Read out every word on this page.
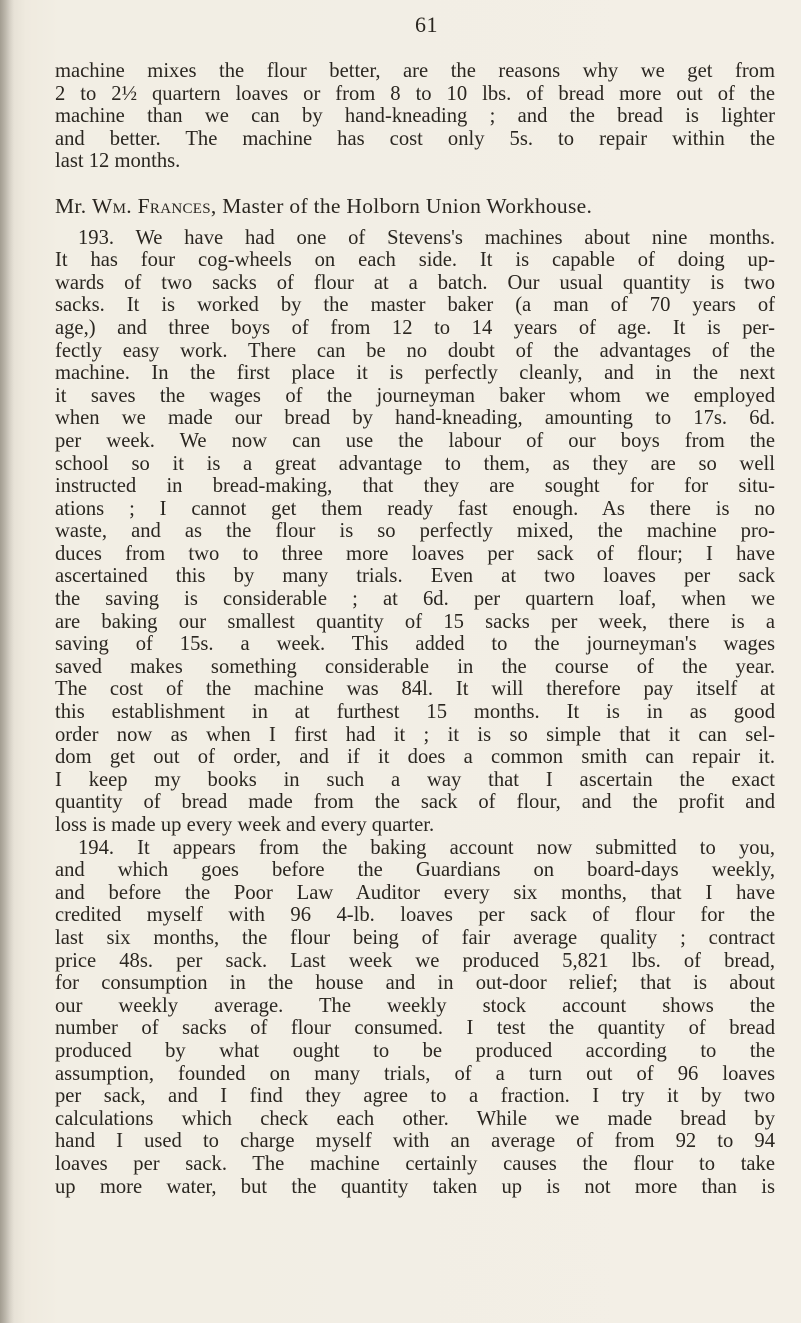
61
machine mixes the flour better, are the reasons why we get from
2 to 2½ quartern loaves or from 8 to 10 lbs. of bread more out of the
machine than we can by hand-kneading ; and the bread is lighter
and better. The machine has cost only 5s. to repair within the
last 12 months.
Mr. Wm. Frances, Master of the Holborn Union Workhouse.
193. We have had one of Stevens's machines about nine months.
It has four cog-wheels on each side. It is capable of doing up-
wards of two sacks of flour at a batch. Our usual quantity is two
sacks. It is worked by the master baker (a man of 70 years of
age,) and three boys of from 12 to 14 years of age. It is per-
fectly easy work. There can be no doubt of the advantages of the
machine. In the first place it is perfectly cleanly, and in the next
it saves the wages of the journeyman baker whom we employed
when we made our bread by hand-kneading, amounting to 17s. 6d.
per week. We now can use the labour of our boys from the
school so it is a great advantage to them, as they are so well
instructed in bread-making, that they are sought for for situ-
ations ; I cannot get them ready fast enough. As there is no
waste, and as the flour is so perfectly mixed, the machine pro-
duces from two to three more loaves per sack of flour; I have
ascertained this by many trials. Even at two loaves per sack
the saving is considerable ; at 6d. per quartern loaf, when we
are baking our smallest quantity of 15 sacks per week, there is a
saving of 15s. a week. This added to the journeyman's wages
saved makes something considerable in the course of the year.
The cost of the machine was 84l. It will therefore pay itself at
this establishment in at furthest 15 months. It is in as good
order now as when I first had it ; it is so simple that it can sel-
dom get out of order, and if it does a common smith can repair it.
I keep my books in such a way that I ascertain the exact
quantity of bread made from the sack of flour, and the profit and
loss is made up every week and every quarter.
194. It appears from the baking account now submitted to you,
and which goes before the Guardians on board-days weekly,
and before the Poor Law Auditor every six months, that I have
credited myself with 96 4-lb. loaves per sack of flour for the
last six months, the flour being of fair average quality ; contract
price 48s. per sack. Last week we produced 5,821 lbs. of bread,
for consumption in the house and in out-door relief; that is about
our weekly average. The weekly stock account shows the
number of sacks of flour consumed. I test the quantity of bread
produced by what ought to be produced according to the
assumption, founded on many trials, of a turn out of 96 loaves
per sack, and I find they agree to a fraction. I try it by two
calculations which check each other. While we made bread by
hand I used to charge myself with an average of from 92 to 94
loaves per sack. The machine certainly causes the flour to take
up more water, but the quantity taken up is not more than is
